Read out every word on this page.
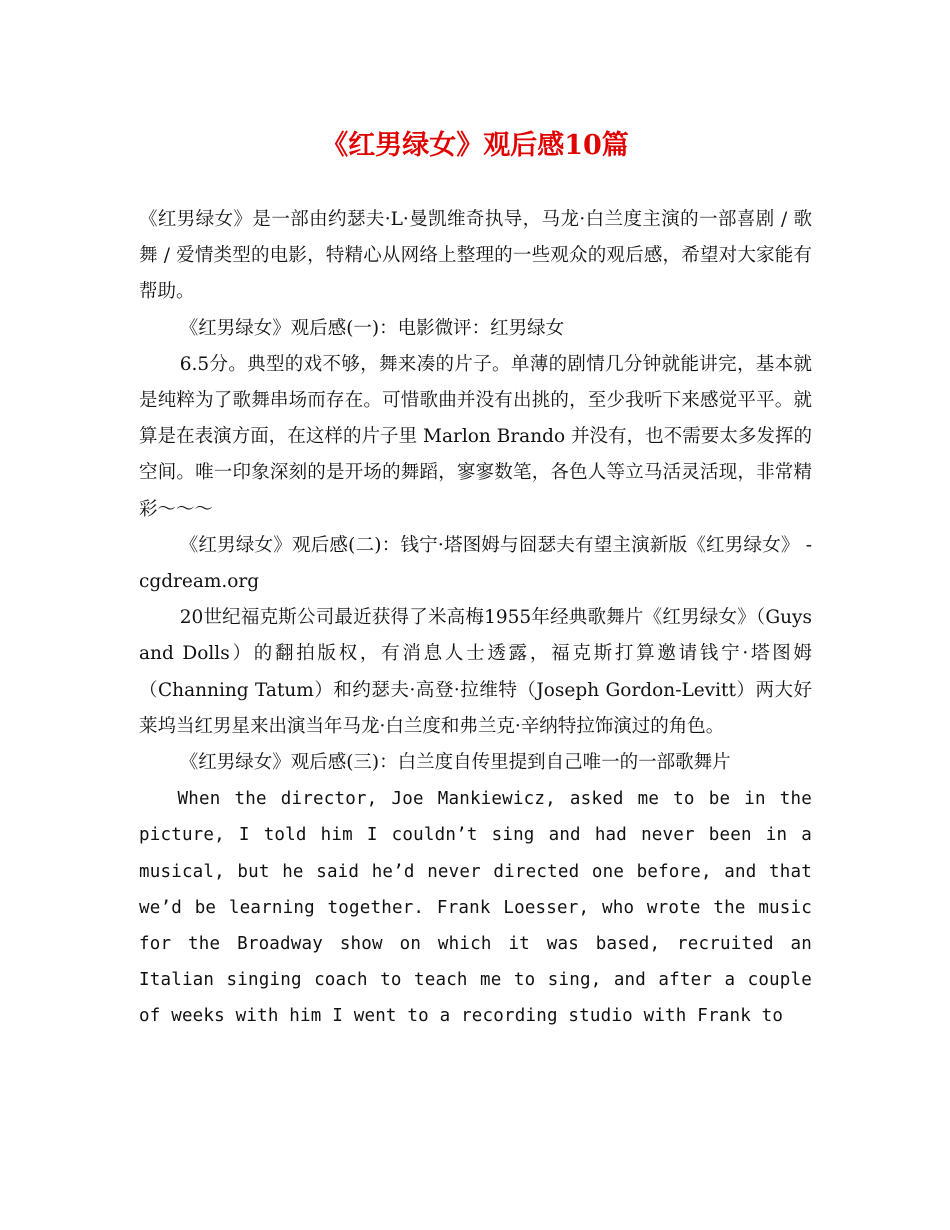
《红男绿女》观后感10篇

《红男绿女》是一部由约瑟夫·L·曼凯维奇执导，马龙·白兰度主演的一部喜剧 / 歌舞 / 爱情类型的电影，特精心从网络上整理的一些观众的观后感，希望对大家能有帮助。

《红男绿女》观后感(一)：电影微评：红男绿女

6.5分。典型的戏不够，舞来凑的片子。单薄的剧情几分钟就能讲完，基本就是纯粹为了歌舞串场而存在。可惜歌曲并没有出挑的，至少我听下来感觉平平。就算是在表演方面，在这样的片子里 Marlon Brando 并没有，也不需要太多发挥的空间。唯一印象深刻的是开场的舞蹈，寥寥数笔，各色人等立马活灵活现，非常精彩～～～

《红男绿女》观后感(二)：钱宁·塔图姆与囧瑟夫有望主演新版《红男绿女》 - cgdream.org

20世纪福克斯公司最近获得了米高梅1955年经典歌舞片《红男绿女》（Guys and Dolls）的翻拍版权，有消息人士透露，福克斯打算邀请钱宁·塔图姆（Channing Tatum）和约瑟夫·高登·拉维特（Joseph Gordon-Levitt）两大好莱坞当红男星来出演当年马龙·白兰度和弗兰克·辛纳特拉饰演过的角色。

《红男绿女》观后感(三)：白兰度自传里提到自己唯一的一部歌舞片

When the director, Joe Mankiewicz, asked me to be in the picture, I told him I couldn’t sing and had never been in a musical, but he said he’d never directed one before, and that we’d be learning together. Frank Loesser, who wrote the music for the Broadway show on which it was based, recruited an Italian singing coach to teach me to sing, and after a couple of weeks with him I went to a recording studio with Frank to
